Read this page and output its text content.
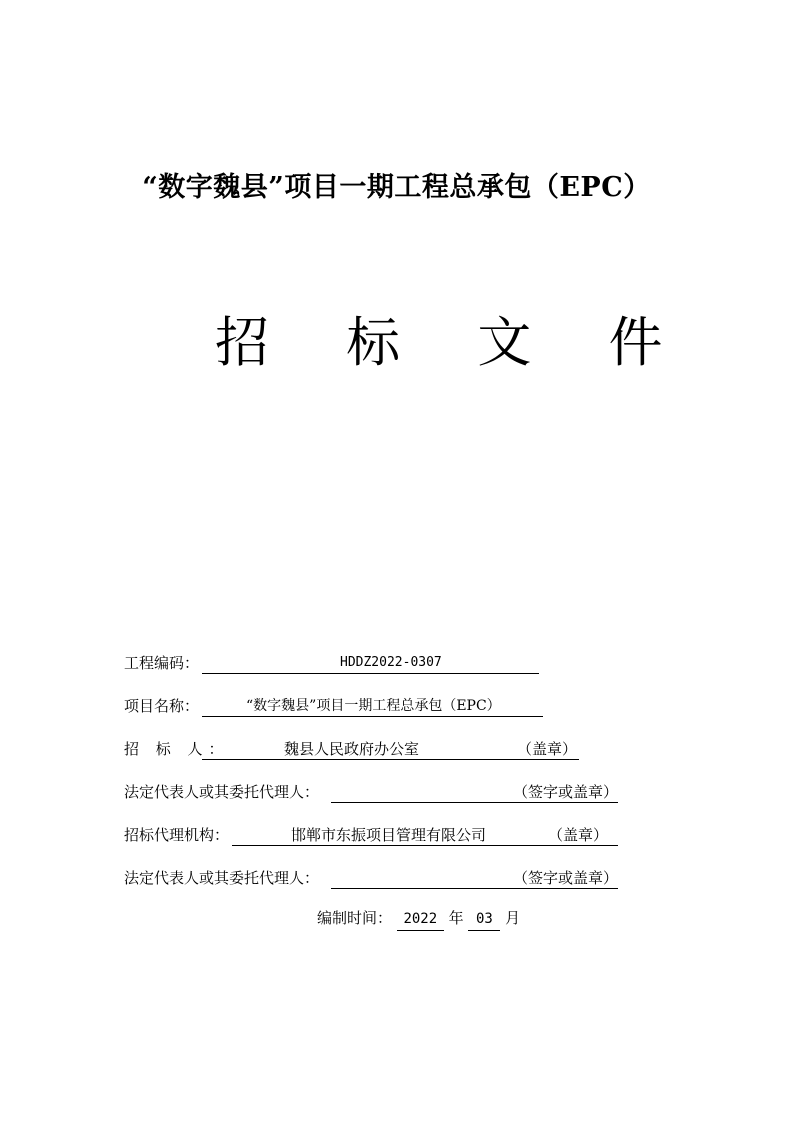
“数字魏县”项目一期工程总承包（EPC）
招 标 文 件
工程编码：	HDDZ2022-0307
项目名称：	“数字魏县”项目一期工程总承包（EPC）
招 标 人：	魏县人民政府办公室	（盖章）
法定代表人或其委托代理人：	（签字或盖章）
招标代理机构：	邯郸市东振项目管理有限公司	（盖章）
法定代表人或其委托代理人：	（签字或盖章）
编制时间： 2022 年 03 月
